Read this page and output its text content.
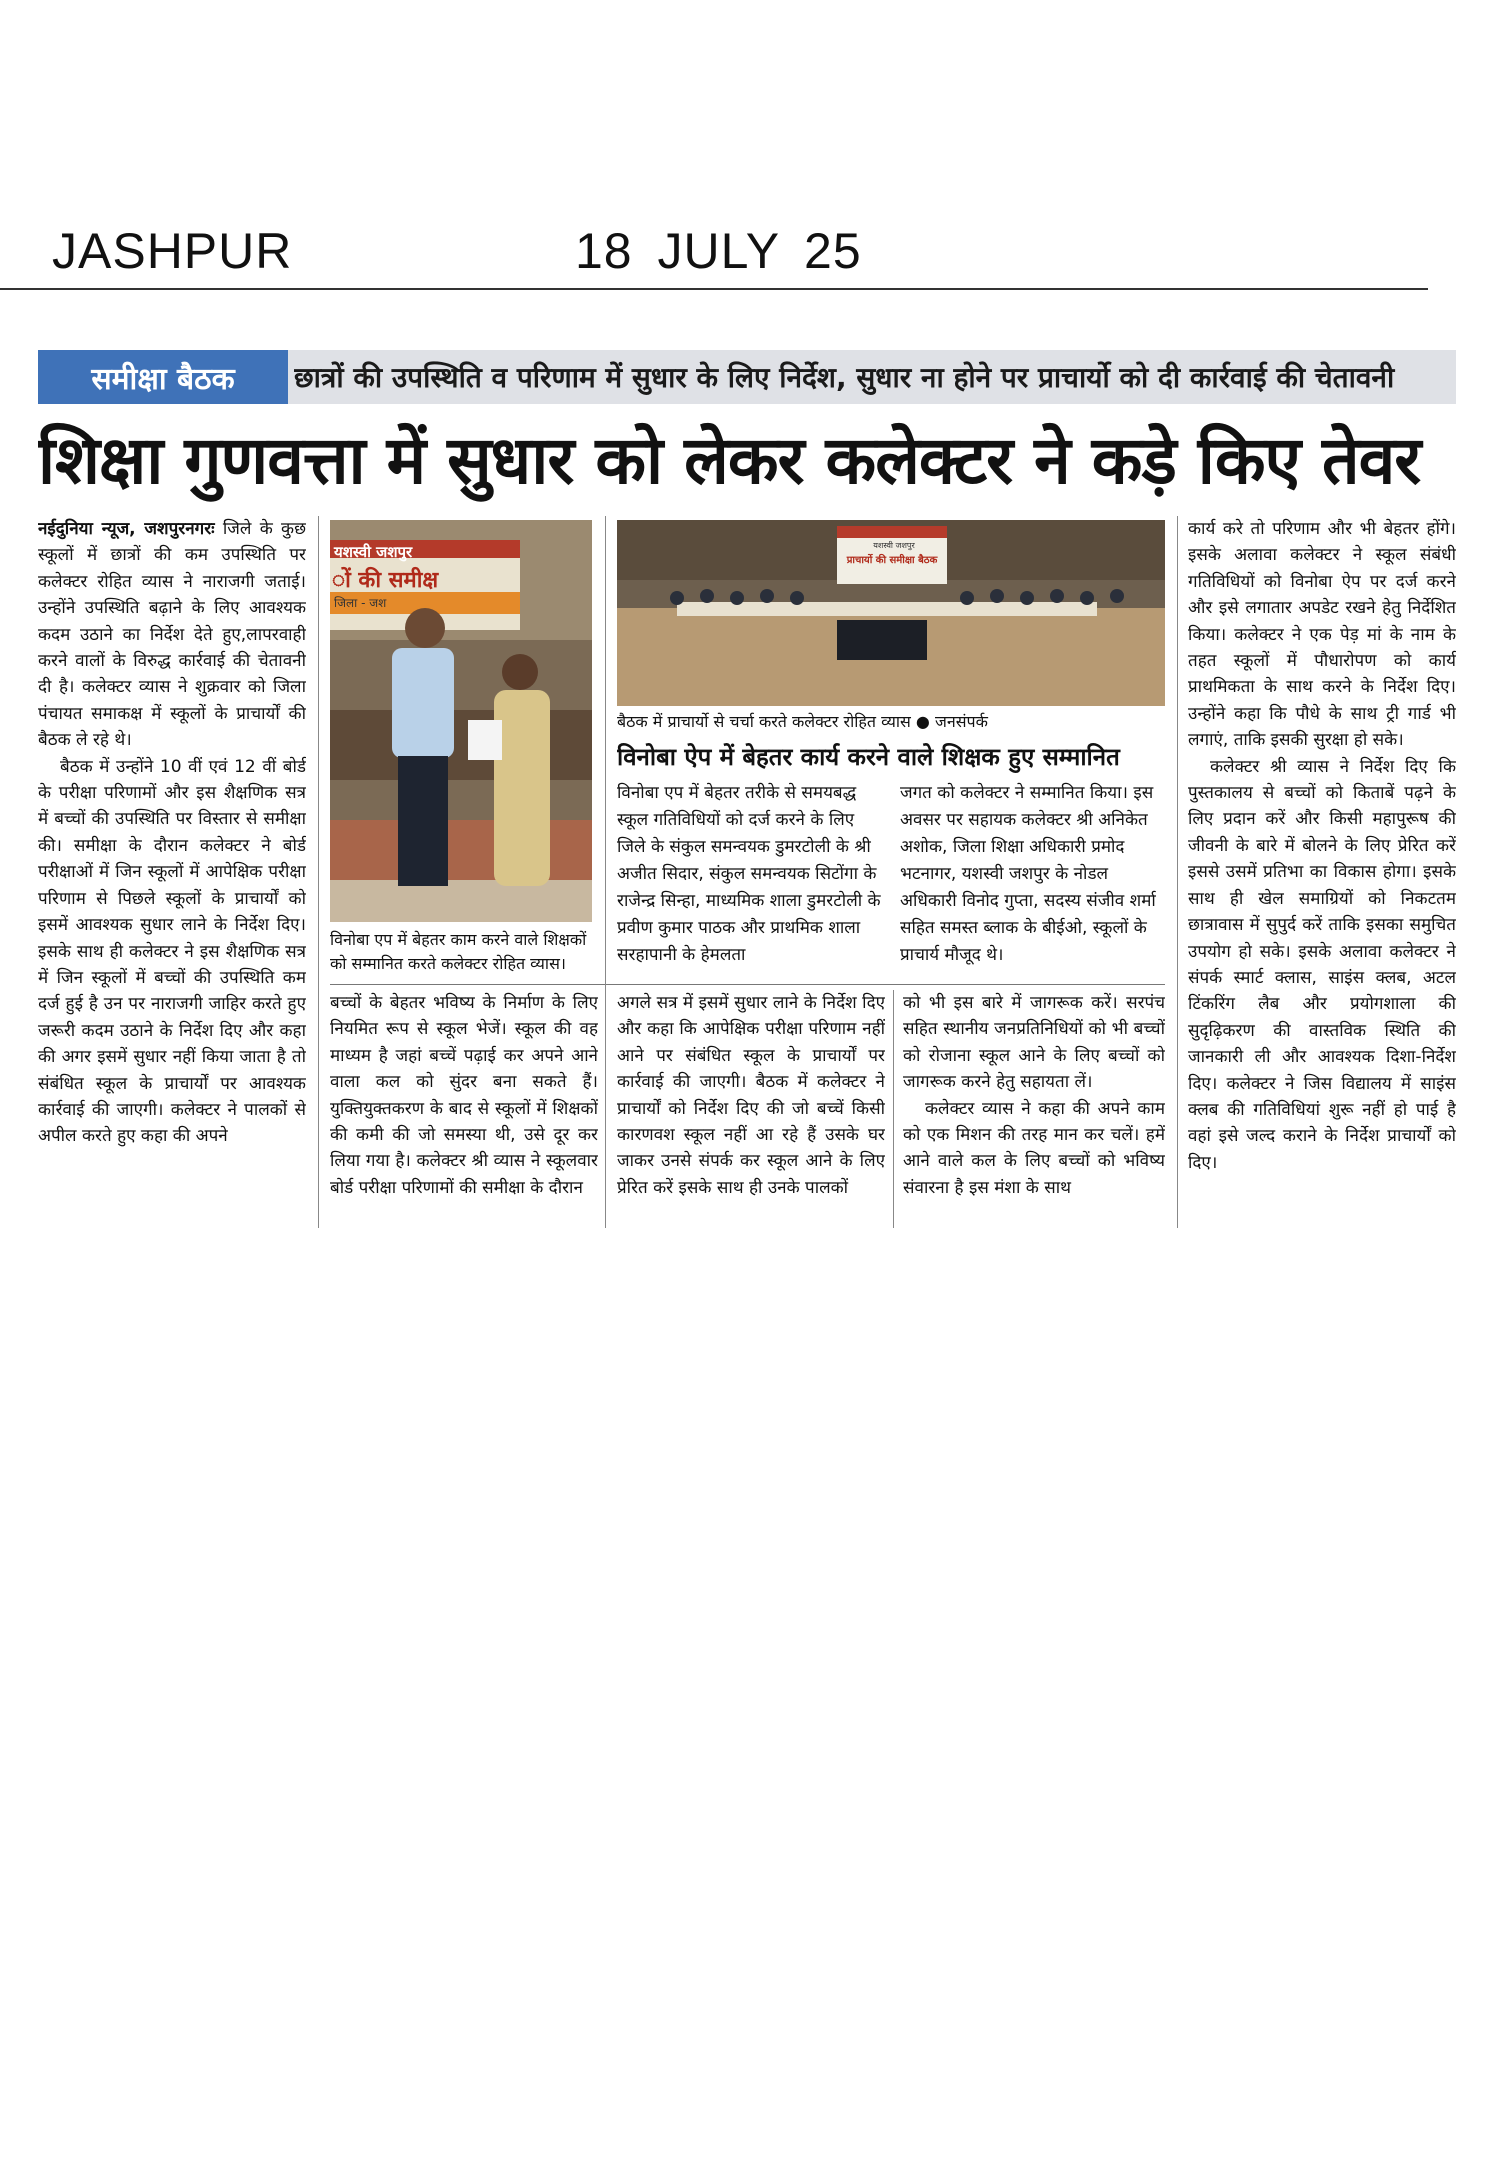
JASHPUR	18 JULY 25
समीक्षा बैठक	छात्रों की उपस्थिति व परिणाम में सुधार के लिए निर्देश, सुधार ना होने पर प्राचार्यो को दी कार्रवाई की चेतावनी
शिक्षा गुणवत्ता में सुधार को लेकर कलेक्टर ने कड़े किए तेवर

नईदुनिया न्यूज, जशपुरनगरः जिले के कुछ स्कूलों में छात्रों की कम उपस्थिति पर कलेक्टर रोहित व्यास ने नाराजगी जताई। उन्होंने उपस्थिति बढ़ाने के लिए आवश्यक कदम उठाने का निर्देश देते हुए,लापरवाही करने वालों के विरुद्ध कार्रवाई की चेतावनी दी है। कलेक्टर व्यास ने शुक्रवार को जिला पंचायत समाकक्ष में स्कूलों के प्राचार्यों की बैठक ले रहे थे।

बैठक में उन्होंने 10 वीं एवं 12 वीं बोर्ड के परीक्षा परिणामों और इस शैक्षणिक सत्र में बच्चों की उपस्थिति पर विस्तार से समीक्षा की। समीक्षा के दौरान कलेक्टर ने बोर्ड परीक्षाओं में जिन स्कूलों में आपेक्षिक परीक्षा परिणाम से पिछले स्कूलों के प्राचार्यों को इसमें आवश्यक सुधार लाने के निर्देश दिए। इसके साथ ही कलेक्टर ने इस शैक्षणिक सत्र में जिन स्कूलों में बच्चों की उपस्थिति कम दर्ज हुई है उन पर नाराजगी जाहिर करते हुए जरूरी कदम उठाने के निर्देश दिए और कहा की अगर इसमें सुधार नहीं किया जाता है तो संबंधित स्कूल के प्राचार्यों पर आवश्यक कार्रवाई की जाएगी। कलेक्टर ने पालकों से अपील करते हुए कहा की अपने

यशस्वी जशपुर
ों की समीक्ष
जिला - जश
विनोबा एप में बेहतर काम करने वाले शिक्षकों को सम्मानित करते कलेक्टर रोहित व्यास।
यशस्वी जशपुर
प्राचार्यो की समीक्षा बैठक
बैठक में प्राचार्यो से चर्चा करते कलेक्टर रोहित व्यास ● जनसंपर्क
विनोबा ऐप में बेहतर कार्य करने वाले शिक्षक हुए सम्मानित
विनोबा एप में बेहतर तरीके से समयबद्ध स्कूल गतिविधियों को दर्ज करने के लिए जिले के संकुल समन्वयक डुमरटोली के श्री अजीत सिदार, संकुल समन्वयक सिटोंगा के राजेन्द्र सिन्हा, माध्यमिक शाला डुमरटोली के प्रवीण कुमार पाठक और प्राथमिक शाला सरहापानी के हेमलता
जगत को कलेक्टर ने सम्मानित किया। इस अवसर पर सहायक कलेक्टर श्री अनिकेत अशोक, जिला शिक्षा अधिकारी प्रमोद भटनागर, यशस्वी जशपुर के नोडल अधिकारी विनोद गुप्ता, सदस्य संजीव शर्मा सहित समस्त ब्लाक के बीईओ, स्कूलों के प्राचार्य मौजूद थे।

बच्चों के बेहतर भविष्य के निर्माण के लिए नियमित रूप से स्कूल भेजें। स्कूल की वह माध्यम है जहां बच्चें पढ़ाई कर अपने आने वाला कल को सुंदर बना सकते हैं। युक्तियुक्तकरण के बाद से स्कूलों में शिक्षकों की कमी की जो समस्या थी, उसे दूर कर लिया गया है। कलेक्टर श्री व्यास ने स्कूलवार बोर्ड परीक्षा परिणामों की समीक्षा के दौरान

अगले सत्र में इसमें सुधार लाने के निर्देश दिए और कहा कि आपेक्षिक परीक्षा परिणाम नहीं आने पर संबंधित स्कूल के प्राचार्यों पर कार्रवाई की जाएगी। बैठक में कलेक्टर ने प्राचार्यों को निर्देश दिए की जो बच्चें किसी कारणवश स्कूल नहीं आ रहे हैं उसके घर जाकर उनसे संपर्क कर स्कूल आने के लिए प्रेरित करें इसके साथ ही उनके पालकों

को भी इस बारे में जागरूक करें। सरपंच सहित स्थानीय जनप्रतिनिधियों को भी बच्चों को रोजाना स्कूल आने के लिए बच्चों को जागरूक करने हेतु सहायता लें।

कलेक्टर व्यास ने कहा की अपने काम को एक मिशन की तरह मान कर चलें। हमें आने वाले कल के लिए बच्चों को भविष्य संवारना है इस मंशा के साथ

कार्य करे तो परिणाम और भी बेहतर होंगे। इसके अलावा कलेक्टर ने स्कूल संबंधी गतिविधियों को विनोबा ऐप पर दर्ज करने और इसे लगातार अपडेट रखने हेतु निर्देशित किया। कलेक्टर ने एक पेड़ मां के नाम के तहत स्कूलों में पौधारोपण को कार्य प्राथमिकता के साथ करने के निर्देश दिए। उन्होंने कहा कि पौधे के साथ ट्री गार्ड भी लगाएं, ताकि इसकी सुरक्षा हो सके।

कलेक्टर श्री व्यास ने निर्देश दिए कि पुस्तकालय से बच्चों को किताबें पढ़ने के लिए प्रदान करें और किसी महापुरूष की जीवनी के बारे में बोलने के लिए प्रेरित करें इससे उसमें प्रतिभा का विकास होगा। इसके साथ ही खेल समाग्रियों को निकटतम छात्रावास में सुपुर्द करें ताकि इसका समुचित उपयोग हो सके। इसके अलावा कलेक्टर ने संपर्क स्मार्ट क्लास, साइंस क्लब, अटल टिंकरिंग लैब और प्रयोगशाला की सुदृढ़िकरण की वास्तविक स्थिति की जानकारी ली और आवश्यक दिशा-निर्देश दिए। कलेक्टर ने जिस विद्यालय में साइंस क्लब की गतिविधियां शुरू नहीं हो पाई है वहां इसे जल्द कराने के निर्देश प्राचार्यों को दिए।
